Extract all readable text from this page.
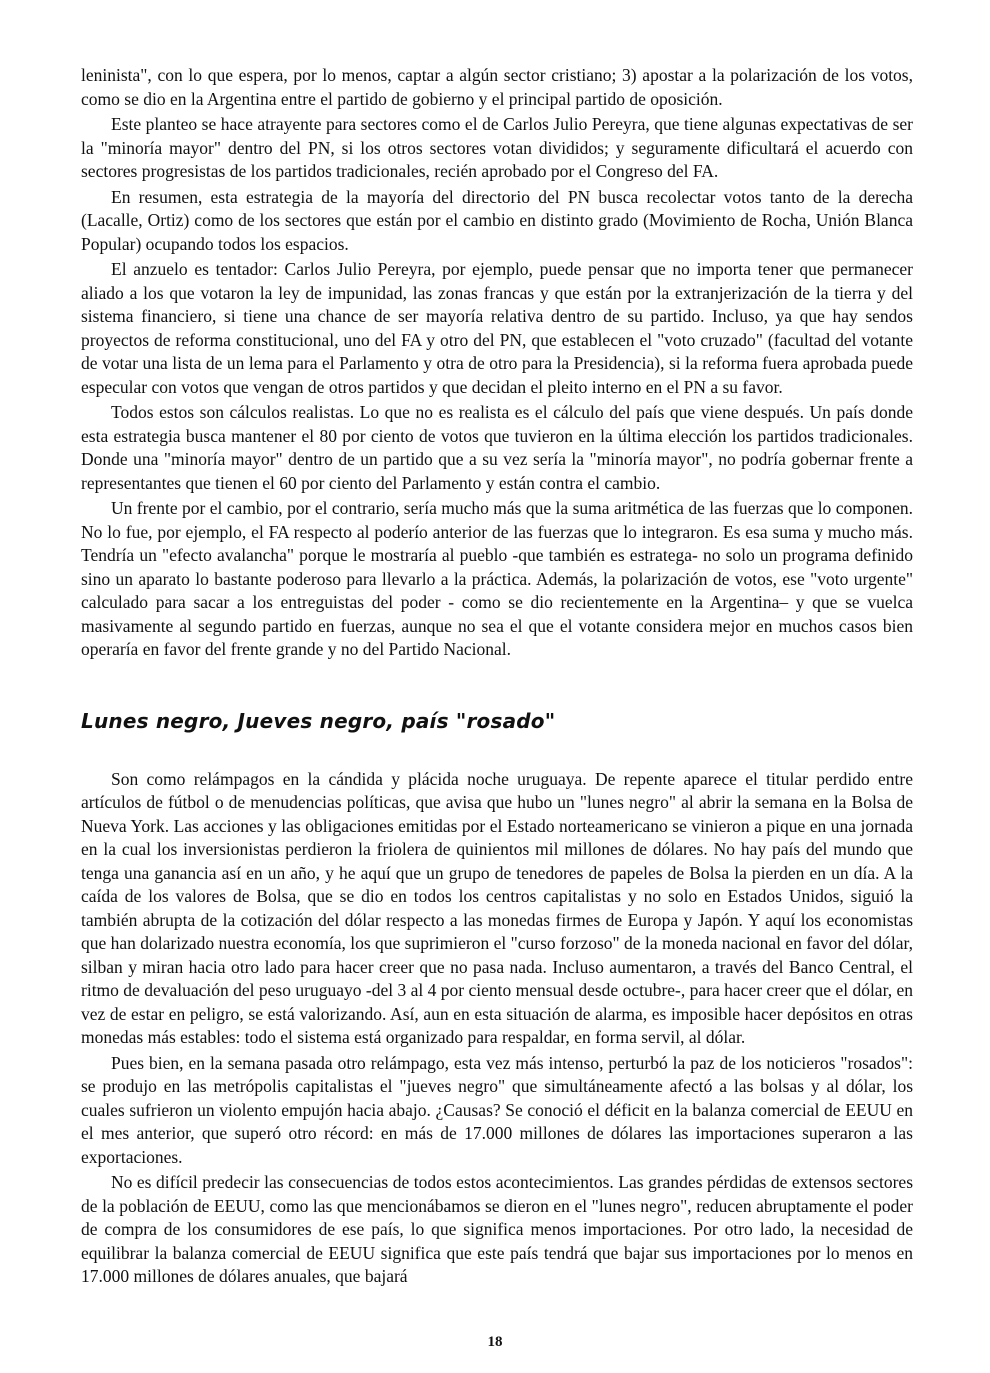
leninista", con lo que espera, por lo menos, captar a algún sector cristiano; 3) apostar a la polarización de los votos, como se dio en la Argentina entre el partido de gobierno y el principal partido de oposición.

Este planteo se hace atrayente para sectores como el de Carlos Julio Pereyra, que tiene algunas expectativas de ser la "minoría mayor" dentro del PN, si los otros sectores votan divididos; y seguramente dificultará el acuerdo con sectores progresistas de los partidos tradicionales, recién aprobado por el Congreso del FA.

En resumen, esta estrategia de la mayoría del directorio del PN busca recolectar votos tanto de la derecha (Lacalle, Ortiz) como de los sectores que están por el cambio en distinto grado (Movimiento de Rocha, Unión Blanca Popular) ocupando todos los espacios.

El anzuelo es tentador: Carlos Julio Pereyra, por ejemplo, puede pensar que no importa tener que permanecer aliado a los que votaron la ley de impunidad, las zonas francas y que están por la extranjerización de la tierra y del sistema financiero, si tiene una chance de ser mayoría relativa dentro de su partido. Incluso, ya que hay sendos proyectos de reforma constitucional, uno del FA y otro del PN, que establecen el "voto cruzado" (facultad del votante de votar una lista de un lema para el Parlamento y otra de otro para la Presidencia), si la reforma fuera aprobada puede especular con votos que vengan de otros partidos y que decidan el pleito interno en el PN a su favor.

Todos estos son cálculos realistas. Lo que no es realista es el cálculo del país que viene después. Un país donde esta estrategia busca mantener el 80 por ciento de votos que tuvieron en la última elección los partidos tradicionales. Donde una "minoría mayor" dentro de un partido que a su vez sería la "minoría mayor", no podría gobernar frente a representantes que tienen el 60 por ciento del Parlamento y están contra el cambio.

Un frente por el cambio, por el contrario, sería mucho más que la suma aritmética de las fuerzas que lo componen. No lo fue, por ejemplo, el FA respecto al poderío anterior de las fuerzas que lo integraron. Es esa suma y mucho más. Tendría un "efecto avalancha" porque le mostraría al pueblo -que también es estratega- no solo un programa definido sino un aparato lo bastante poderoso para llevarlo a la práctica. Además, la polarización de votos, ese "voto urgente" calculado para sacar a los entreguistas del poder - como se dio recientemente en la Argentina– y que se vuelca masivamente al segundo partido en fuerzas, aunque no sea el que el votante considera mejor en muchos casos bien operaría en favor del frente grande y no del Partido Nacional.

Lunes negro, Jueves negro, país "rosado"

Son como relámpagos en la cándida y plácida noche uruguaya. De repente aparece el titular perdido entre artículos de fútbol o de menudencias políticas, que avisa que hubo un "lunes negro" al abrir la semana en la Bolsa de Nueva York. Las acciones y las obligaciones emitidas por el Estado norteamericano se vinieron a pique en una jornada en la cual los inversionistas perdieron la friolera de quinientos mil millones de dólares. No hay país del mundo que tenga una ganancia así en un año, y he aquí que un grupo de tenedores de papeles de Bolsa la pierden en un día. A la caída de los valores de Bolsa, que se dio en todos los centros capitalistas y no solo en Estados Unidos, siguió la también abrupta de la cotización del dólar respecto a las monedas firmes de Europa y Japón. Y aquí los economistas que han dolarizado nuestra economía, los que suprimieron el "curso forzoso" de la moneda nacional en favor del dólar, silban y miran hacia otro lado para hacer creer que no pasa nada. Incluso aumentaron, a través del Banco Central, el ritmo de devaluación del peso uruguayo -del 3 al 4 por ciento mensual desde octubre-, para hacer creer que el dólar, en vez de estar en peligro, se está valorizando. Así, aun en esta situación de alarma, es imposible hacer depósitos en otras monedas más estables: todo el sistema está organizado para respaldar, en forma servil, al dólar.

Pues bien, en la semana pasada otro relámpago, esta vez más intenso, perturbó la paz de los noticieros "rosados": se produjo en las metrópolis capitalistas el "jueves negro" que simultáneamente afectó a las bolsas y al dólar, los cuales sufrieron un violento empujón hacia abajo. ¿Causas? Se conoció el déficit en la balanza comercial de EEUU en el mes anterior, que superó otro récord: en más de 17.000 millones de dólares las importaciones superaron a las exportaciones.

No es difícil predecir las consecuencias de todos estos acontecimientos. Las grandes pérdidas de extensos sectores de la población de EEUU, como las que mencionábamos se dieron en el "lunes negro", reducen abruptamente el poder de compra de los consumidores de ese país, lo que significa menos importaciones. Por otro lado, la necesidad de equilibrar la balanza comercial de EEUU significa que este país tendrá que bajar sus importaciones por lo menos en 17.000 millones de dólares anuales, que bajará

18
